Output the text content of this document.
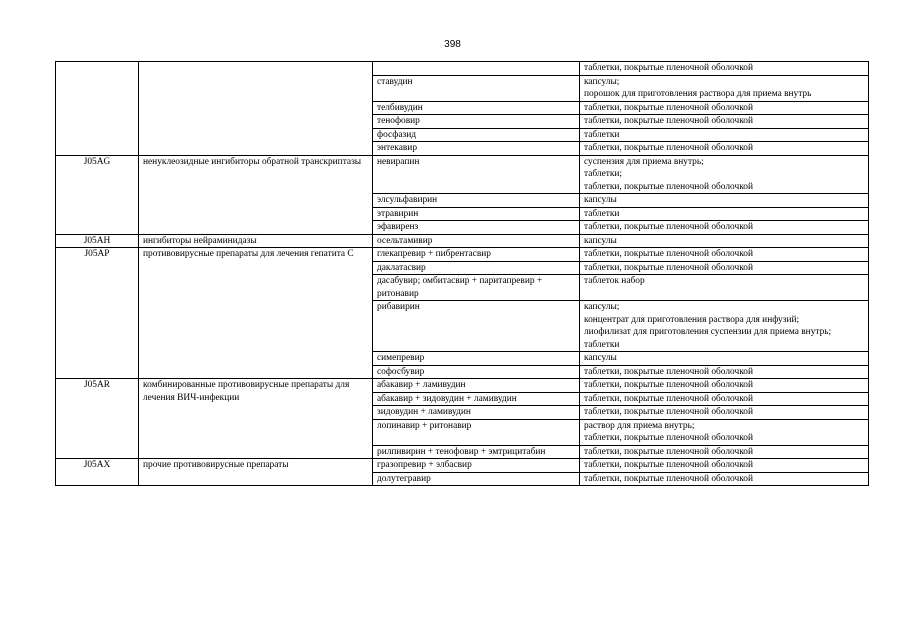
398
			таблетки, покрытые пленочной оболочкой
		ставудин	капсулы;
порошок для приготовления раствора для приема внутрь
		телбивудин	таблетки, покрытые пленочной оболочкой
		тенофовир	таблетки, покрытые пленочной оболочкой
		фосфазид	таблетки
		энтекавир	таблетки, покрытые пленочной оболочкой
J05AG	ненуклеозидные ингибиторы обратной транскриптазы	невирапин	суспензия для приема внутрь;
таблетки;
таблетки, покрытые пленочной оболочкой
		элсульфавирин	капсулы
		этравирин	таблетки
		эфавиренз	таблетки, покрытые пленочной оболочкой
J05AH	ингибиторы нейраминидазы	осельтамивир	капсулы
J05AP	противовирусные препараты для лечения гепатита С	глекапревир + пибрентасвир	таблетки, покрытые пленочной оболочкой
		даклатасвир	таблетки, покрытые пленочной оболочкой
		дасабувир; омбитасвир + паритапревир + ритонавир	таблеток набор
		рибавирин	капсулы;
концентрат для приготовления раствора для инфузий;
лиофилизат для приготовления суспензии для приема внутрь;
таблетки
		симепревир	капсулы
		софосбувир	таблетки, покрытые пленочной оболочкой
J05AR	комбинированные противовирусные препараты для лечения ВИЧ-инфекции	абакавир + ламивудин	таблетки, покрытые пленочной оболочкой
		абакавир + зидовудин + ламивудин	таблетки, покрытые пленочной оболочкой
		зидовудин + ламивудин	таблетки, покрытые пленочной оболочкой
		лопинавир + ритонавир	раствор для приема внутрь;
таблетки, покрытые пленочной оболочкой
		рилпивирин + тенофовир + эмтрицитабин	таблетки, покрытые пленочной оболочкой
J05AX	прочие противовирусные препараты	гразопревир + элбасвир	таблетки, покрытые пленочной оболочкой
		долутегравир	таблетки, покрытые пленочной оболочкой
